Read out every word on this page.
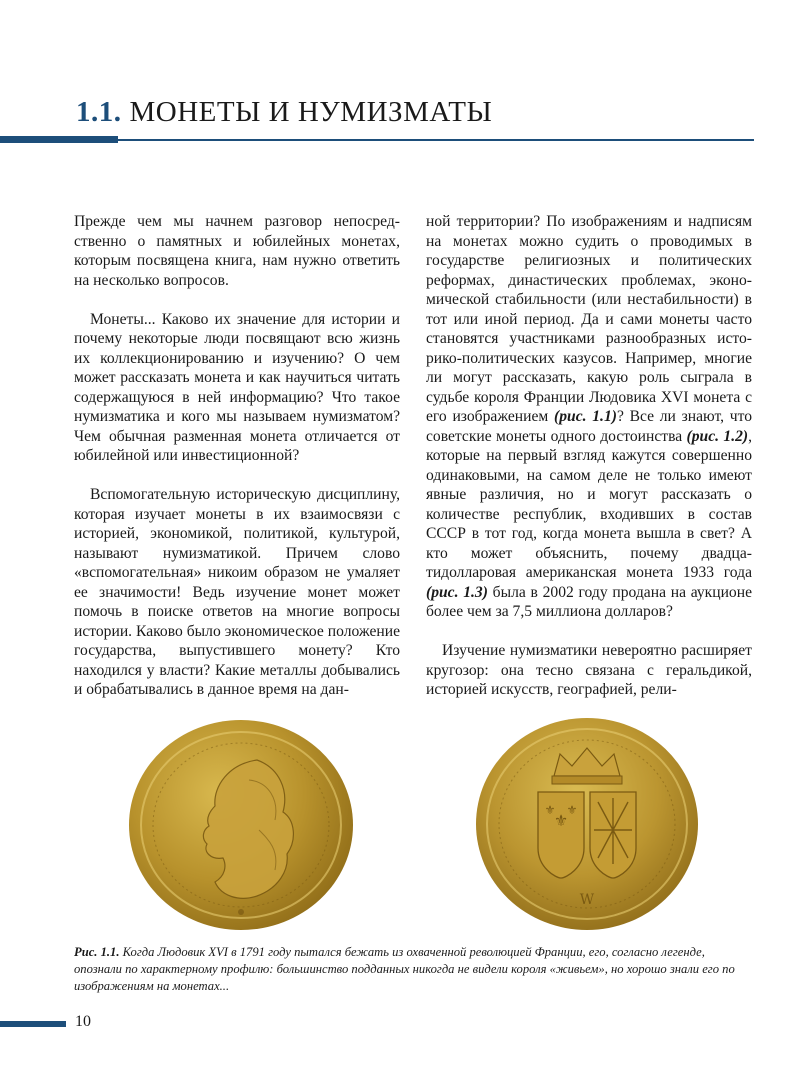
1.1. МОНЕТЫ И НУМИЗМАТЫ

Прежде чем мы начнем разговор непосредственно о памятных и юбилейных монетах, которым посвящена книга, нам нужно ответить на несколько вопросов.

Монеты... Каково их значение для истории и почему некоторые люди посвящают всю жизнь их коллекционированию и изучению? О чем может рассказать монета и как научиться читать содержащуюся в ней информацию? Что такое нумизматика и кого мы называем нумизматом? Чем обычная разменная монета отличается от юбилейной или инвестиционной?

Вспомогательную историческую дисциплину, которая изучает монеты в их взаимосвязи с историей, экономикой, политикой, культурой, называют нумизматикой. Причем слово «вспомогательная» никоим образом не умаляет ее значимости! Ведь изучение монет может помочь в поиске ответов на многие вопросы истории. Каково было экономическое положение государства, выпустившего монету? Кто находился у власти? Какие металлы добывались и обрабатывались в данное время на дан-

ной территории? По изображениям и надписям на монетах можно судить о проводимых в государстве религиозных и политических реформах, династических проблемах, экономической стабильности (или нестабильности) в тот или иной период. Да и сами монеты часто становятся участниками разнообразных историко-политических казусов. Например, многие ли могут рассказать, какую роль сыграла в судьбе короля Франции Людовика XVI монета с его изображением (рис. 1.1)? Все ли знают, что советские монеты одного достоинства (рис. 1.2), которые на первый взгляд кажутся совершенно одинаковыми, на самом деле не только имеют явные различия, но и могут рассказать о количестве республик, входивших в состав СССР в тот год, когда монета вышла в свет? А кто может объяснить, почему двадцатидолларовая американская монета 1933 года (рис. 1.3) была в 2002 году продана на аукционе более чем за 7,5 миллиона долларов?

Изучение нумизматики невероятно расширяет кругозор: она тесно связана с геральдикой, историей искусств, географией, рели-

⚜
⚜ ⚜
W
Рис. 1.1. Когда Людовик XVI в 1791 году пытался бежать из охваченной революцией Франции, его, согласно легенде, опознали по характерному профилю: большинство подданных никогда не видели короля «живьем», но хорошо знали его по изображениям на монетах...
10
